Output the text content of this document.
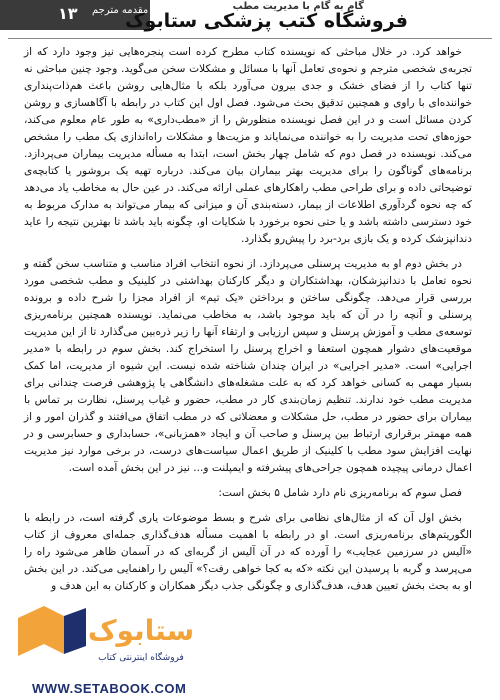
۱۳ مقدمه مترجم	گام به گام با مدیریت مطب
فروشگاه کتب پزشکی ستابوک

خواهد کرد. در خلال مباحثی که نویسنده کتاب مطرح کرده است پنجره‌هایی نیز وجود دارد که از تجربه‌ی شخصی مترجم و نحوه‌ی تعامل آنها با مسائل و مشکلات سخن می‌گوید. وجود چنین مباحثی نه تنها کتاب را از فضای خشک و جدی بیرون می‌آورد بلکه با مثال‌هایی روشن باعث هم‌ذات‌پنداری خواننده‌ای با راوی و همچنین تدقیق بحث می‌شود. فصل اول این کتاب در رابطه با آگاهسازی و روشن کردن مسائل است و در این فصل نویسنده منظورش را از «مطب‌داری» به طور عام معلوم می‌کند، حوزه‌های تحت مدیریت را به خواننده می‌نمایاند و مزیت‌ها و مشکلات راه‌اندازی یک مطب را مشخص می‌کند. نویسنده در فصل دوم که شامل چهار بخش است، ابتدا به مسأله مدیریت بیماران می‌پردازد. برنامه‌های گوناگون را برای مدیریت بهتر بیماران بیان می‌کند. درباره تهیه یک بروشور یا کتابچه‌ی توضیحاتی داده و برای طراحی مطب راهکارهای عملی ارائه می‌کند. در عین حال به مخاطب یاد می‌دهد که چه نحوه گردآوری اطلاعات از بیمار، دسته‌بندی آن و میزانی که بیمار می‌تواند به مدارک مربوط به خود دسترسی داشته باشد و یا حتی نحوه برخورد با شکایات او، چگونه باید باشد تا بهترین نتیجه را عاید دندانپزشک کرده و یک بازی برد-برد را پیش‌رو بگذارد.

در بخش دوم او به مدیریت پرسنلی می‌پردازد. از نحوه انتخاب افراد مناسب و متناسب سخن گفته و نحوه تعامل با دندانپزشکان، بهداشتکاران و دیگر کارکنان بهداشتی در کلینیک و مطب شخصی مورد بررسی قرار می‌دهد. چگونگی ساختن و برداختن «یک تیم» از افراد مجزا را شرح داده و برونده پرسنلی و آنچه را در آن که باید موجود باشد، به مخاطب می‌نماید. نویسنده همچنین برنامه‌ریزی توسعه‌ی مطب و آموزش پرسنل و سپس ارزیابی و ارتقاء آنها را زیر ذره‌بین می‌گذارد تا از این مدیریت موقعیت‌های دشوار همچون استعفا و اخراج پرسنل را استخراج کند. بخش سوم در رابطه با «مدیر اجرایی» است. «مدیر اجرایی» در ایران چندان شناخته شده نیست. این شیوه از مدیریت، اما کمک بسیار مهمی به کسانی خواهد کرد که به علت مشغله‌های دانشگاهی یا پژوهشی فرصت چندانی برای مدیریت مطب خود ندارند. تنظیم زمان‌بندی کار در مطب، حضور و غیاب پرسنل، نظارت بر تماس با بیماران برای حضور در مطب، حل مشکلات و معضلاتی که در مطب اتفاق می‌افتند و گذران امور و از همه مهمتر برقراری ارتباط بین پرسنل و صاحب آن و ایجاد «همزبانی»، حسابداری و حسابرسی و در نهایت افزایش سود مطب با کلینیک از طریق اعمال سیاست‌های درست، در برخی موارد نیز مدیریت اعمال درمانی پیچیده همچون جراحی‌های پیشرفته و ایمپلنت و... نیز در این بخش آمده است.

فصل سوم که برنامه‌ریزی نام دارد شامل ۵ بخش است:

بخش اول آن که از مثال‌های نظامی برای شرح و بسط موضوعات یاری گرفته است، در رابطه با الگوریتم‌های برنامه‌ریزی است. او در رابطه با اهمیت مسأله هدف‌گذاری جمله‌ای معروف از کتاب «آلیس در سرزمین عجایب» را آورده که در آن آلیس از گربه‌ای که در آسمان ظاهر می‌شود راه را می‌پرسد و گربه با پرسیدن این نکته «که به کجا خواهی رفت؟» آلیس را راهنمایی می‌کند. در این بخش او به بحث بخش تعیین هدف، هدف‌گذاری و چگونگی جذب دیگر همکاران و کارکنان به این هدف و

ستابوک
فروشگاه اینترنتی کتاب
WWW.SETABOOK.COM
